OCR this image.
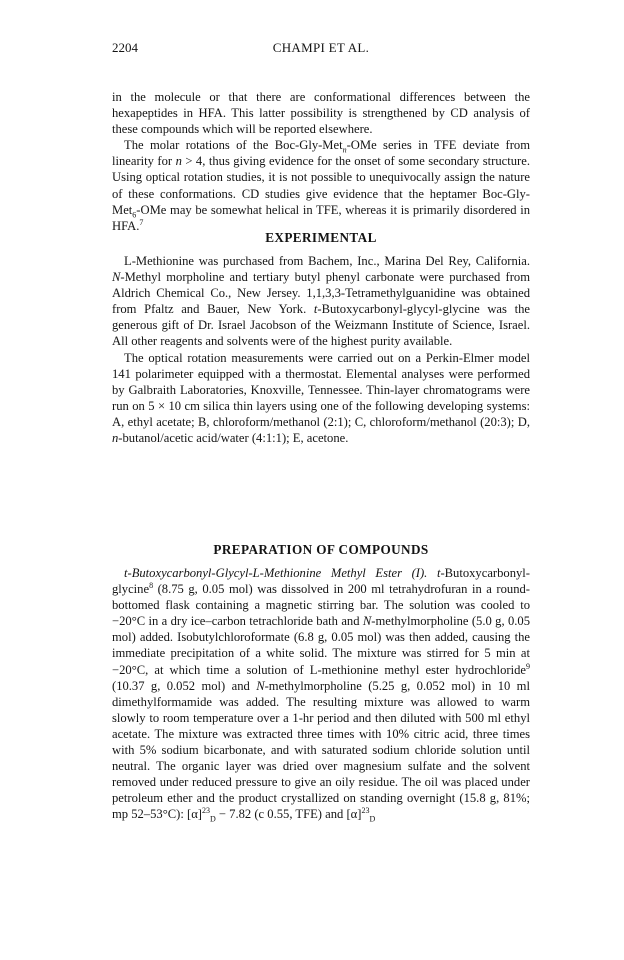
2204	CHAMPI ET AL.

in the molecule or that there are conformational differences between the hexapeptides in HFA. This latter possibility is strengthened by CD analysis of these compounds which will be reported elsewhere.

The molar rotations of the Boc-Gly-Met$_n$-OMe series in TFE deviate from linearity for n > 4, thus giving evidence for the onset of some secondary structure. Using optical rotation studies, it is not possible to unequivocally assign the nature of these conformations. CD studies give evidence that the heptamer Boc-Gly-Met$_6$-OMe may be somewhat helical in TFE, whereas it is primarily disordered in HFA.$^7$

EXPERIMENTAL

L-Methionine was purchased from Bachem, Inc., Marina Del Rey, California. N-Methyl morpholine and tertiary butyl phenyl carbonate were purchased from Aldrich Chemical Co., New Jersey. 1,1,3,3-Tetramethylguanidine was obtained from Pfaltz and Bauer, New York. t-Butoxycarbonyl-glycyl-glycine was the generous gift of Dr. Israel Jacobson of the Weizmann Institute of Science, Israel. All other reagents and solvents were of the highest purity available.

The optical rotation measurements were carried out on a Perkin-Elmer model 141 polarimeter equipped with a thermostat. Elemental analyses were performed by Galbraith Laboratories, Knoxville, Tennessee. Thin-layer chromatograms were run on 5 × 10 cm silica thin layers using one of the following developing systems: A, ethyl acetate; B, chloroform/methanol (2:1); C, chloroform/methanol (20:3); D, n-butanol/acetic acid/water (4:1:1); E, acetone.

PREPARATION OF COMPOUNDS

t-Butoxycarbonyl-Glycyl-L-Methionine Methyl Ester (I). t-Butoxycarbonyl-glycine$^8$ (8.75 g, 0.05 mol) was dissolved in 200 ml tetrahydrofuran in a round-bottomed flask containing a magnetic stirring bar. The solution was cooled to −20°C in a dry ice–carbon tetrachloride bath and N-methylmorpholine (5.0 g, 0.05 mol) added. Isobutylchloroformate (6.8 g, 0.05 mol) was then added, causing the immediate precipitation of a white solid. The mixture was stirred for 5 min at −20°C, at which time a solution of L-methionine methyl ester hydrochloride$^9$ (10.37 g, 0.052 mol) and N-methylmorpholine (5.25 g, 0.052 mol) in 10 ml dimethylformamide was added. The resulting mixture was allowed to warm slowly to room temperature over a 1-hr period and then diluted with 500 ml ethyl acetate. The mixture was extracted three times with 10% citric acid, three times with 5% sodium bicarbonate, and with saturated sodium chloride solution until neutral. The organic layer was dried over magnesium sulfate and the solvent removed under reduced pressure to give an oily residue. The oil was placed under petroleum ether and the product crystallized on standing overnight (15.8 g, 81%; mp 52–53°C): $[\alpha]^{23}_D - 7.82$ (c 0.55, TFE) and $[\alpha]^{23}_D$
